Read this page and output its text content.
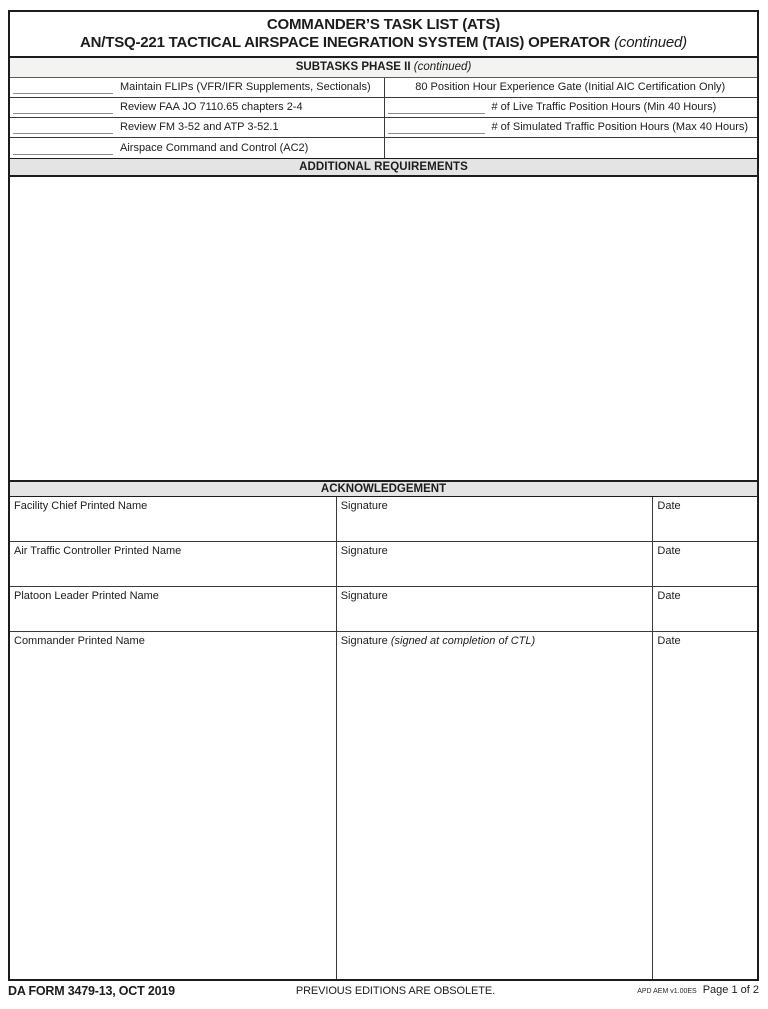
COMMANDER’S TASK LIST (ATS)
AN/TSQ-221 TACTICAL AIRSPACE INEGRATION SYSTEM (TAIS) OPERATOR (continued)
SUBTASKS PHASE II (continued)
Maintain FLIPs (VFR/IFR Supplements, Sectionals)	80 Position Hour Experience Gate (Initial AIC Certification Only)
Review FAA JO 7110.65 chapters 2-4	# of Live Traffic Position Hours (Min 40 Hours)
Review FM 3-52 and ATP 3-52.1	# of Simulated Traffic Position Hours (Max 40 Hours)
Airspace Command and Control (AC2)
ADDITIONAL REQUIREMENTS
ACKNOWLEDGEMENT
Facility Chief Printed Name	Signature	Date
Air Traffic Controller Printed Name	Signature	Date
Platoon Leader Printed Name	Signature	Date
Commander Printed Name	Signature (signed at completion of CTL)	Date
DA FORM 3479-13, OCT 2019	PREVIOUS EDITIONS ARE OBSOLETE.	APD AEM v1.00ES Page 1 of 2
